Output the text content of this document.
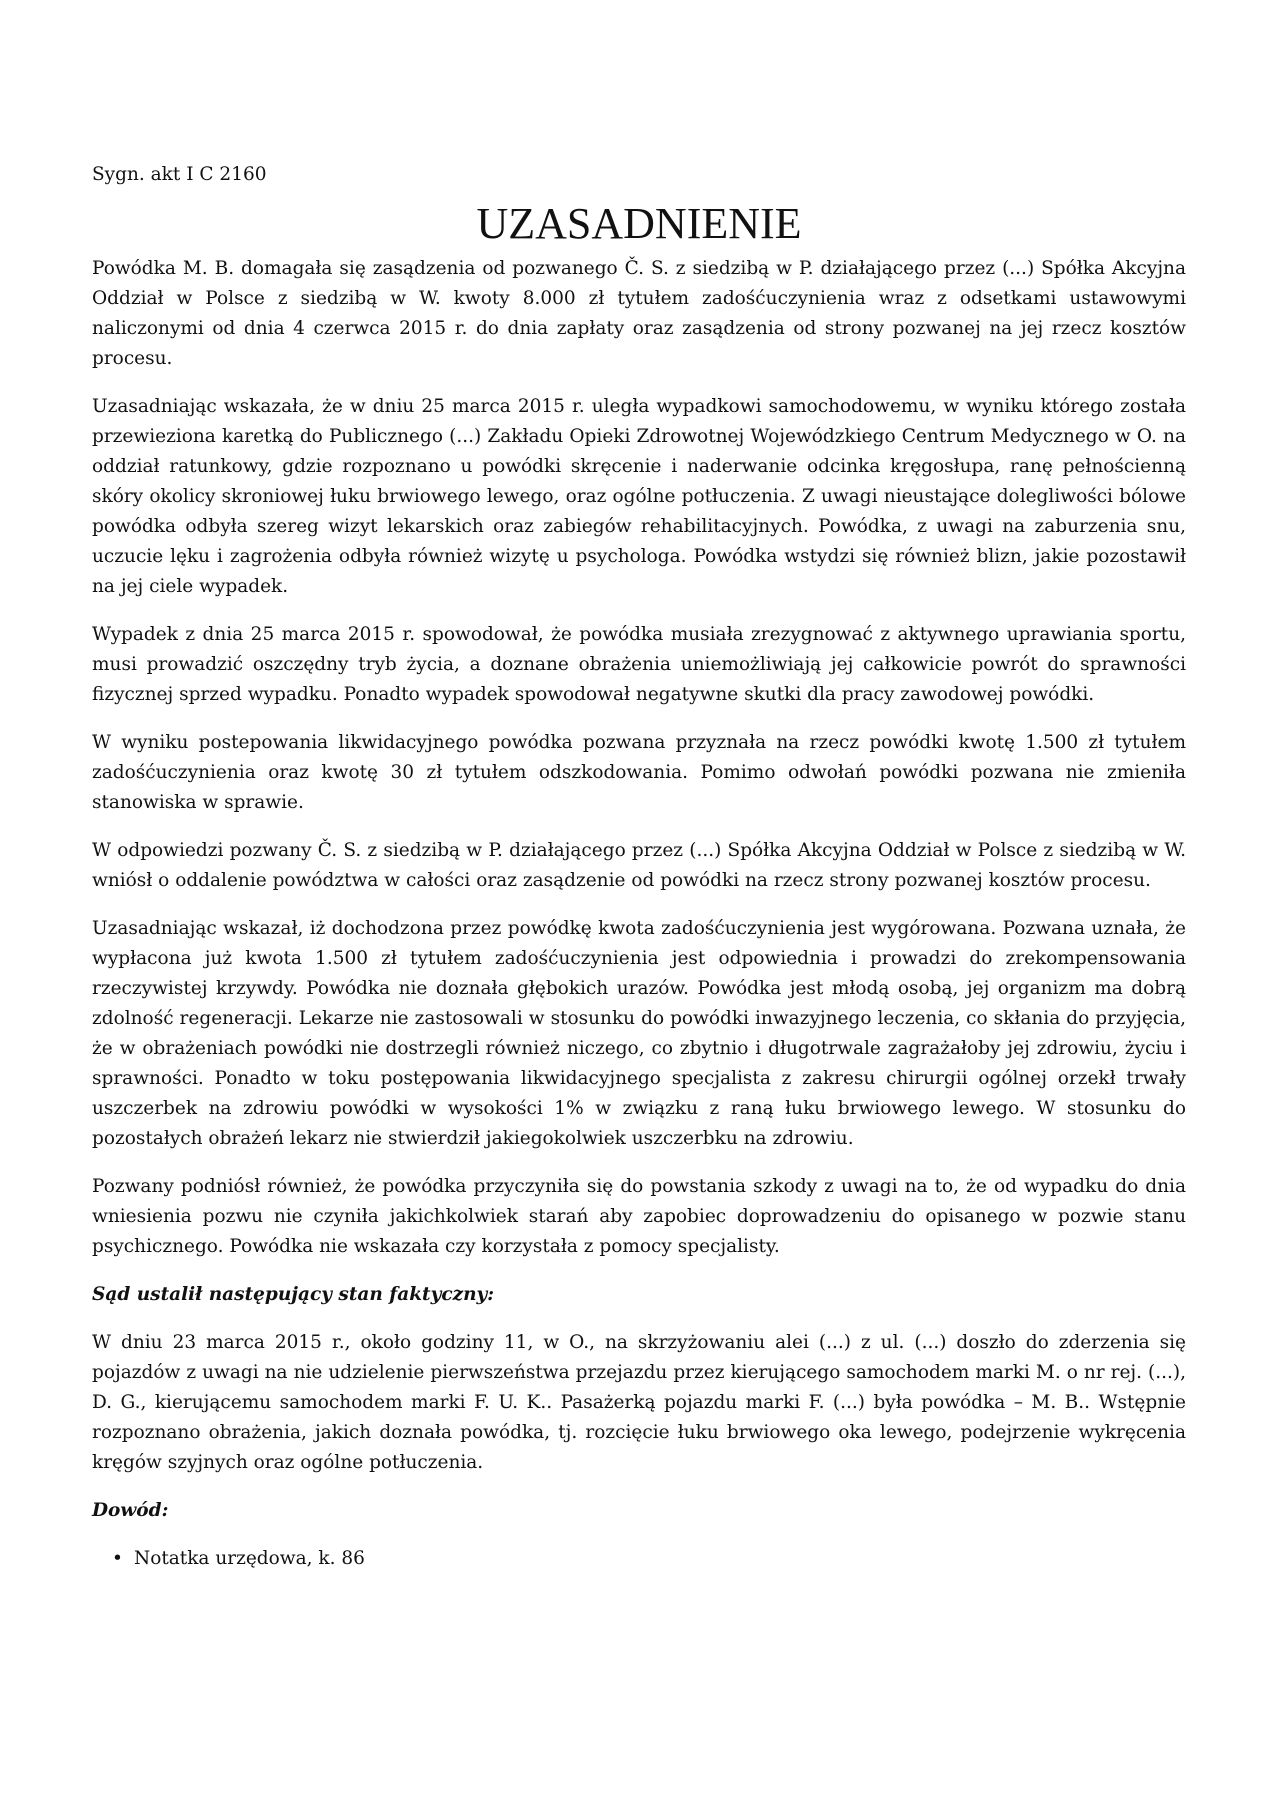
Sygn. akt I C 2160
UZASADNIENIE

Powódka M. B. domagała się zasądzenia od pozwanego Č. S. z siedzibą w P. działającego przez (...) Spółka Akcyjna Oddział w Polsce z siedzibą w W. kwoty 8.000 zł tytułem zadośćuczynienia wraz z odsetkami ustawowymi naliczonymi od dnia 4 czerwca 2015 r. do dnia zapłaty oraz zasądzenia od strony pozwanej na jej rzecz kosztów procesu.

Uzasadniając wskazała, że w dniu 25 marca 2015 r. uległa wypadkowi samochodowemu, w wyniku którego została przewieziona karetką do Publicznego (...) Zakładu Opieki Zdrowotnej Wojewódzkiego Centrum Medycznego w O. na oddział ratunkowy, gdzie rozpoznano u powódki skręcenie i naderwanie odcinka kręgosłupa, ranę pełnościenną skóry okolicy skroniowej łuku brwiowego lewego, oraz ogólne potłuczenia. Z uwagi nieustające dolegliwości bólowe powódka odbyła szereg wizyt lekarskich oraz zabiegów rehabilitacyjnych. Powódka, z uwagi na zaburzenia snu, uczucie lęku i zagrożenia odbyła również wizytę u psychologa. Powódka wstydzi się również blizn, jakie pozostawił na jej ciele wypadek.

Wypadek z dnia 25 marca 2015 r. spowodował, że powódka musiała zrezygnować z aktywnego uprawiania sportu, musi prowadzić oszczędny tryb życia, a doznane obrażenia uniemożliwiają jej całkowicie powrót do sprawności fizycznej sprzed wypadku. Ponadto wypadek spowodował negatywne skutki dla pracy zawodowej powódki.

W wyniku postepowania likwidacyjnego powódka pozwana przyznała na rzecz powódki kwotę 1.500 zł tytułem zadośćuczynienia oraz kwotę 30 zł tytułem odszkodowania. Pomimo odwołań powódki pozwana nie zmieniła stanowiska w sprawie.

W odpowiedzi pozwany Č. S. z siedzibą w P. działającego przez (...) Spółka Akcyjna Oddział w Polsce z siedzibą w W. wniósł o oddalenie powództwa w całości oraz zasądzenie od powódki na rzecz strony pozwanej kosztów procesu.

Uzasadniając wskazał, iż dochodzona przez powódkę kwota zadośćuczynienia jest wygórowana. Pozwana uznała, że wypłacona już kwota 1.500 zł tytułem zadośćuczynienia jest odpowiednia i prowadzi do zrekompensowania rzeczywistej krzywdy. Powódka nie doznała głębokich urazów. Powódka jest młodą osobą, jej organizm ma dobrą zdolność regeneracji. Lekarze nie zastosowali w stosunku do powódki inwazyjnego leczenia, co skłania do przyjęcia, że w obrażeniach powódki nie dostrzegli również niczego, co zbytnio i długotrwale zagrażałoby jej zdrowiu, życiu i sprawności. Ponadto w toku postępowania likwidacyjnego specjalista z zakresu chirurgii ogólnej orzekł trwały uszczerbek na zdrowiu powódki w wysokości 1% w związku z raną łuku brwiowego lewego. W stosunku do pozostałych obrażeń lekarz nie stwierdził jakiegokolwiek uszczerbku na zdrowiu.

Pozwany podniósł również, że powódka przyczyniła się do powstania szkody z uwagi na to, że od wypadku do dnia wniesienia pozwu nie czyniła jakichkolwiek starań aby zapobiec doprowadzeniu do opisanego w pozwie stanu psychicznego. Powódka nie wskazała czy korzystała z pomocy specjalisty.

Sąd ustalił następujący stan faktyczny:

W dniu 23 marca 2015 r., około godziny 11, w O., na skrzyżowaniu alei (...) z ul. (...) doszło do zderzenia się pojazdów z uwagi na nie udzielenie pierwszeństwa przejazdu przez kierującego samochodem marki M. o nr rej. (...), D. G., kierującemu samochodem marki F. U. K.. Pasażerką pojazdu marki F. (...) była powódka – M. B.. Wstępnie rozpoznano obrażenia, jakich doznała powódka, tj. rozcięcie łuku brwiowego oka lewego, podejrzenie wykręcenia kręgów szyjnych oraz ogólne potłuczenia.

Dowód:
• Notatka urzędowa, k. 86
